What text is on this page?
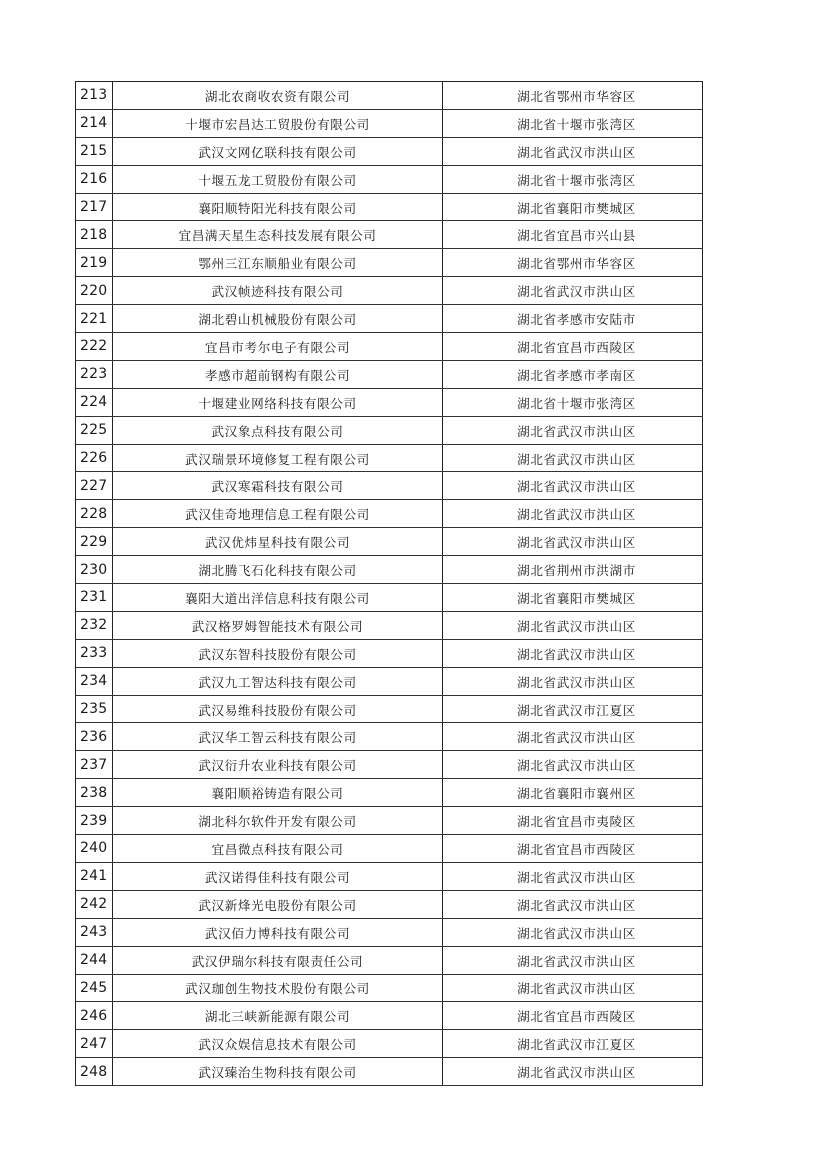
213	湖北农商收农资有限公司	湖北省鄂州市华容区
214	十堰市宏昌达工贸股份有限公司	湖北省十堰市张湾区
215	武汉文网亿联科技有限公司	湖北省武汉市洪山区
216	十堰五龙工贸股份有限公司	湖北省十堰市张湾区
217	襄阳顺特阳光科技有限公司	湖北省襄阳市樊城区
218	宜昌满天星生态科技发展有限公司	湖北省宜昌市兴山县
219	鄂州三江东顺船业有限公司	湖北省鄂州市华容区
220	武汉帧迹科技有限公司	湖北省武汉市洪山区
221	湖北碧山机械股份有限公司	湖北省孝感市安陆市
222	宜昌市考尔电子有限公司	湖北省宜昌市西陵区
223	孝感市超前钢构有限公司	湖北省孝感市孝南区
224	十堰建业网络科技有限公司	湖北省十堰市张湾区
225	武汉象点科技有限公司	湖北省武汉市洪山区
226	武汉瑞景环境修复工程有限公司	湖北省武汉市洪山区
227	武汉寒霜科技有限公司	湖北省武汉市洪山区
228	武汉佳奇地理信息工程有限公司	湖北省武汉市洪山区
229	武汉优炜星科技有限公司	湖北省武汉市洪山区
230	湖北腾飞石化科技有限公司	湖北省荆州市洪湖市
231	襄阳大道出洋信息科技有限公司	湖北省襄阳市樊城区
232	武汉格罗姆智能技术有限公司	湖北省武汉市洪山区
233	武汉东智科技股份有限公司	湖北省武汉市洪山区
234	武汉九工智达科技有限公司	湖北省武汉市洪山区
235	武汉易维科技股份有限公司	湖北省武汉市江夏区
236	武汉华工智云科技有限公司	湖北省武汉市洪山区
237	武汉衍升农业科技有限公司	湖北省武汉市洪山区
238	襄阳顺裕铸造有限公司	湖北省襄阳市襄州区
239	湖北科尔软件开发有限公司	湖北省宜昌市夷陵区
240	宜昌微点科技有限公司	湖北省宜昌市西陵区
241	武汉诺得佳科技有限公司	湖北省武汉市洪山区
242	武汉新烽光电股份有限公司	湖北省武汉市洪山区
243	武汉佰力博科技有限公司	湖北省武汉市洪山区
244	武汉伊瑞尔科技有限责任公司	湖北省武汉市洪山区
245	武汉珈创生物技术股份有限公司	湖北省武汉市洪山区
246	湖北三峡新能源有限公司	湖北省宜昌市西陵区
247	武汉众娱信息技术有限公司	湖北省武汉市江夏区
248	武汉臻治生物科技有限公司	湖北省武汉市洪山区
